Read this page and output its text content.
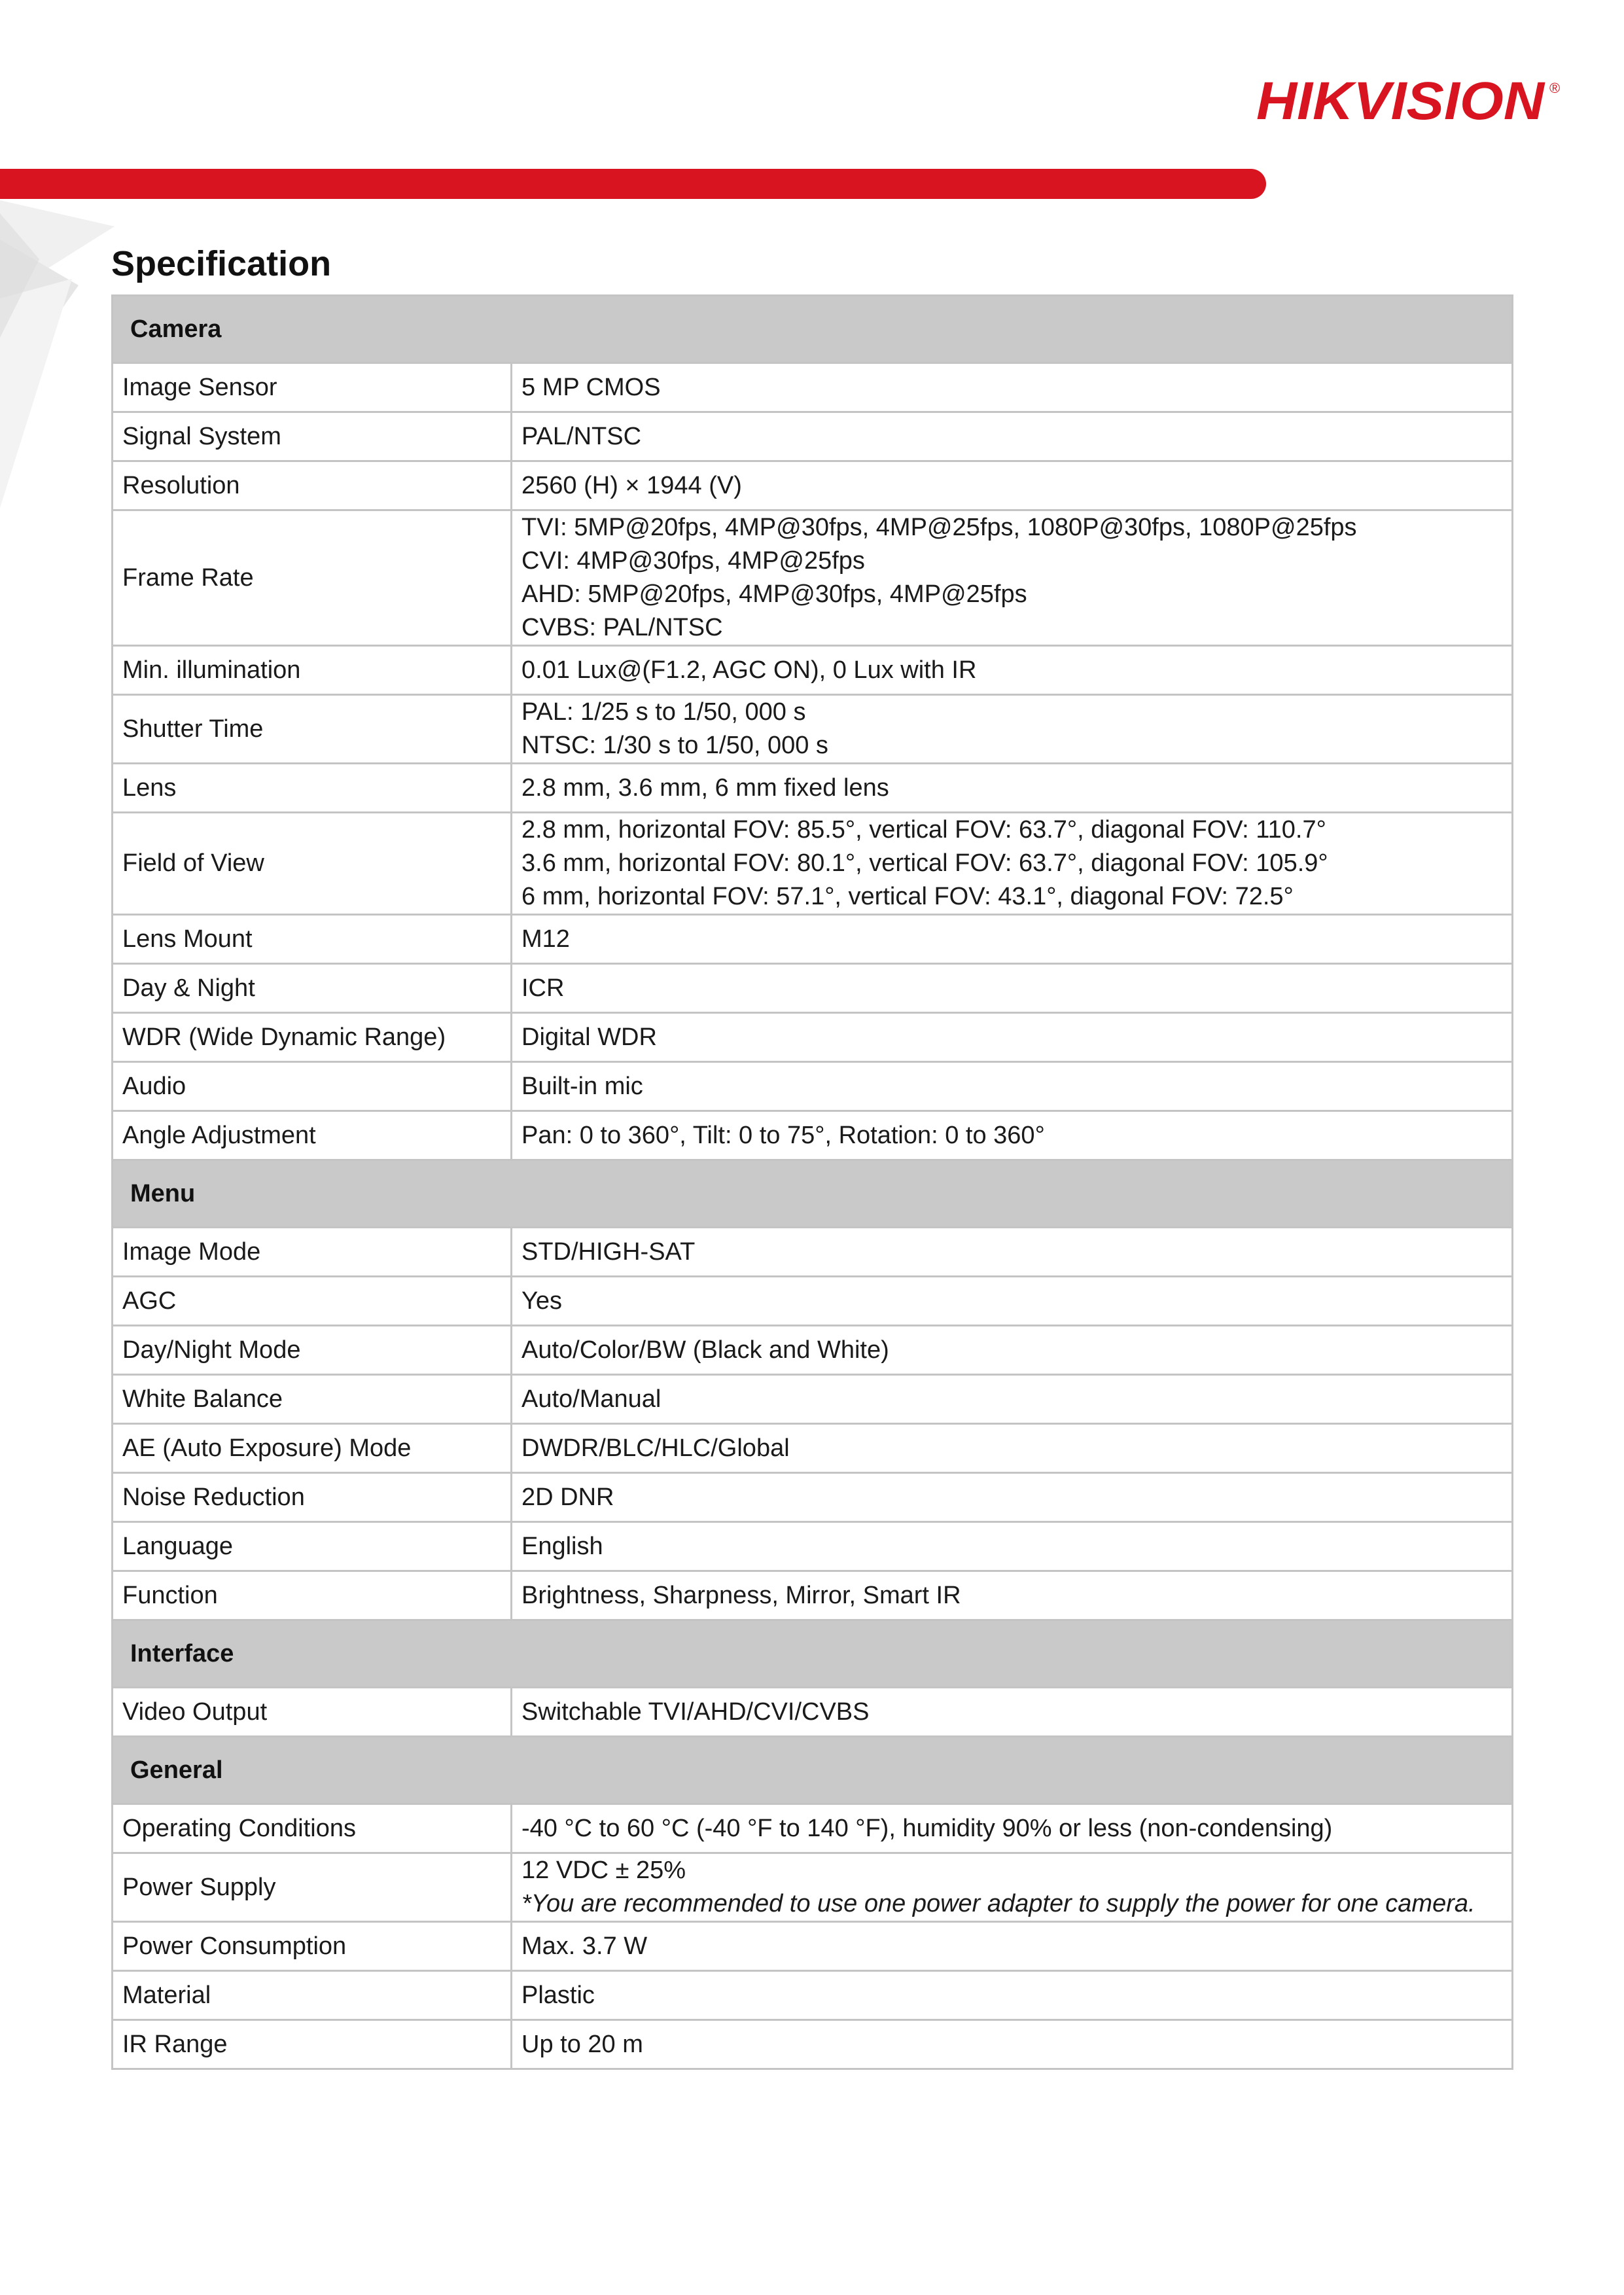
HIKVISION ®
Specification
Camera	
Image Sensor	5 MP CMOS

Signal System	PAL/NTSC

Resolution	2560 (H) × 1944 (V)

Frame Rate	TVI: 5MP@20fps, 4MP@30fps, 4MP@25fps, 1080P@30fps, 1080P@25fps
CVI: 4MP@30fps, 4MP@25fps
AHD: 5MP@20fps, 4MP@30fps, 4MP@25fps
CVBS: PAL/NTSC

Min. illumination	0.01 Lux@(F1.2, AGC ON), 0 Lux with IR

Shutter Time	PAL: 1/25 s to 1/50, 000 s
NTSC: 1/30 s to 1/50, 000 s

Lens	2.8 mm, 3.6 mm, 6 mm fixed lens

Field of View	2.8 mm, horizontal FOV: 85.5°, vertical FOV: 63.7°, diagonal FOV: 110.7°
3.6 mm, horizontal FOV: 80.1°, vertical FOV: 63.7°, diagonal FOV: 105.9°
6 mm, horizontal FOV: 57.1°, vertical FOV: 43.1°, diagonal FOV: 72.5°

Lens Mount	M12

Day & Night	ICR

WDR (Wide Dynamic Range)	Digital WDR

Audio	Built-in mic

Angle Adjustment	Pan: 0 to 360°, Tilt: 0 to 75°, Rotation: 0 to 360°

Menu	
Image Mode	STD/HIGH-SAT

AGC	Yes

Day/Night Mode	Auto/Color/BW (Black and White)

White Balance	Auto/Manual

AE (Auto Exposure) Mode	DWDR/BLC/HLC/Global

Noise Reduction	2D DNR

Language	English

Function	Brightness, Sharpness, Mirror, Smart IR

Interface	
Video Output	Switchable TVI/AHD/CVI/CVBS

General	
Operating Conditions	-40 °C to 60 °C (-40 °F to 140 °F), humidity 90% or less (non-condensing)

Power Supply	12 VDC ± 25%
*You are recommended to use one power adapter to supply the power for one camera.

Power Consumption	Max. 3.7 W

Material	Plastic

IR Range	Up to 20 m
